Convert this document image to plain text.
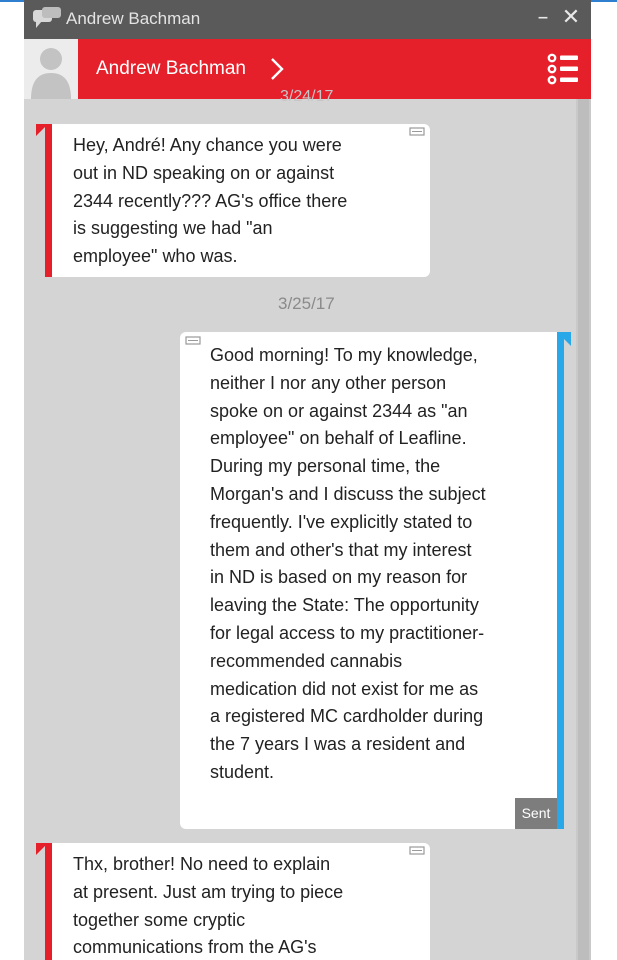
Andrew Bachman	– ✕
Andrew Bachman
3/24/17
Hey, André! Any chance you were
out in ND speaking on or against
2344 recently??? AG's office there
is suggesting we had "an
employee" who was.
3/25/17
Good morning! To my knowledge,
neither I nor any other person
spoke on or against 2344 as "an
employee" on behalf of Leafline.
During my personal time, the
Morgan's and I discuss the subject
frequently. I've explicitly stated to
them and other's that my interest
in ND is based on my reason for
leaving the State: The opportunity
for legal access to my practitioner-
recommended cannabis
medication did not exist for me as
a registered MC cardholder during
the 7 years I was a resident and
student.
Sent
Thx, brother! No need to explain
at present. Just am trying to piece
together some cryptic
communications from the AG's
